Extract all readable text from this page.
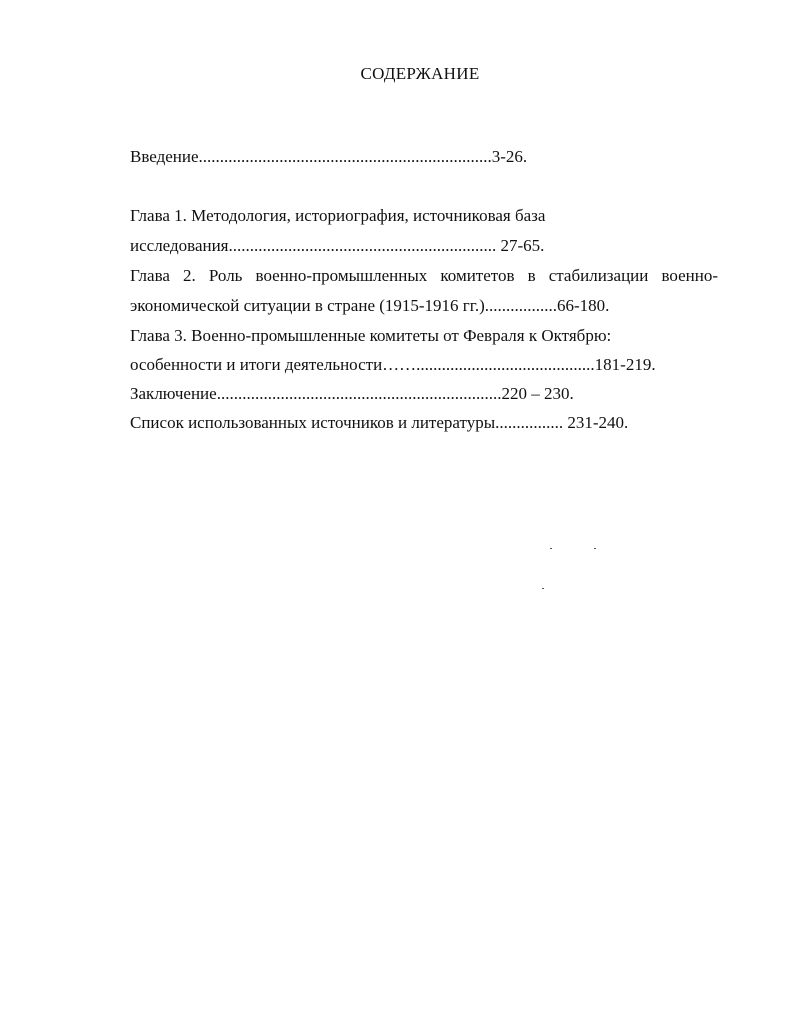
СОДЕРЖАНИЕ
Введение.....................................................................3-26.
Глава 1. Методология, историография, источниковая база
исследования............................................................... 27-65.
Глава 2. Роль военно-промышленных комитетов в стабилизации военно-
экономической ситуации в стране (1915-1916 гг.).................66-180.
Глава 3. Военно-промышленные комитеты от Февраля к Октябрю:
особенности и итоги деятельности……..........................................181-219.
Заключение...................................................................220 – 230.
Список использованных источников и литературы................ 231-240.
